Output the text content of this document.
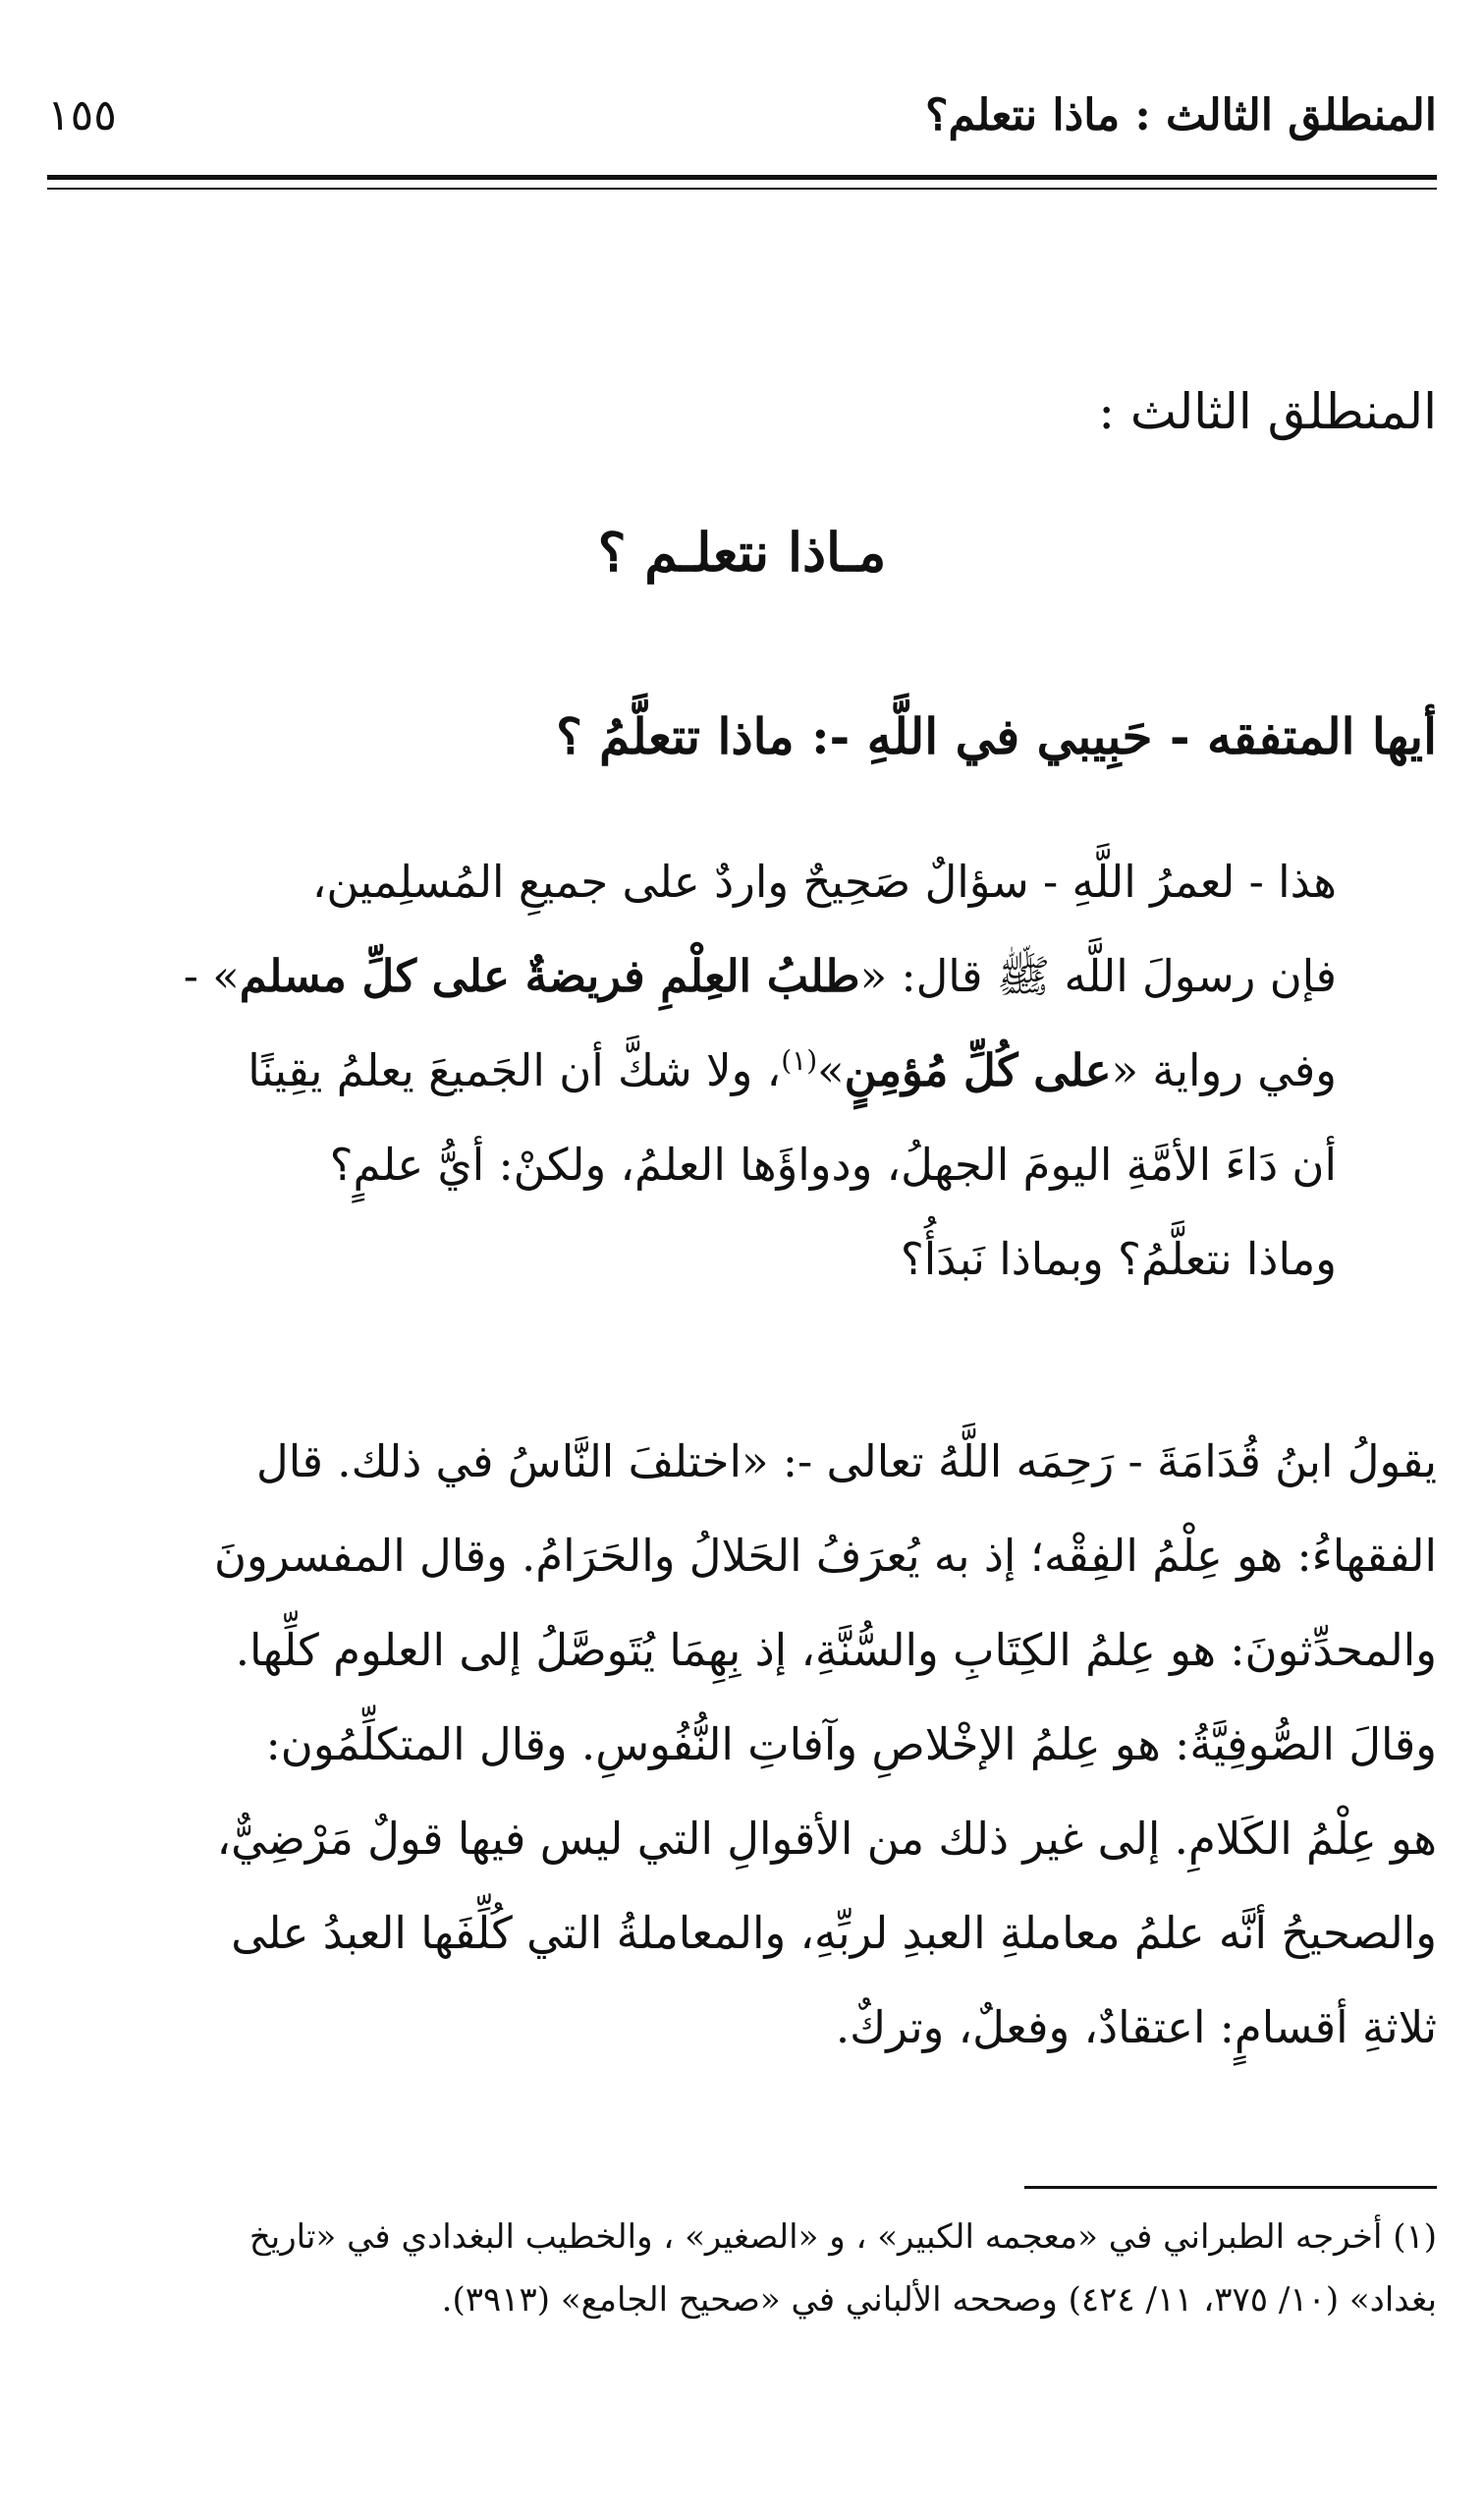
المنطلق الثالث : ماذا نتعلم؟
١٥٥
المنطلق الثالث :
مـاذا نتعلـم ؟
أيها المتفقه - حَبِيبي في اللَّهِ -: ماذا تتعلَّمُ ؟

هذا - لعمرُ اللَّهِ - سؤالٌ صَحِيحٌ واردٌ على جميعِ المُسلِمين،
فإن رسولَ اللَّه ﷺ قال: «طلبُ العِلْمِ فريضةٌ على كلِّ مسلم» -
وفي رواية «على كُلِّ مُؤمِنٍ»$^{(١)}$، ولا شكَّ أن الجَميعَ يعلمُ يقِينًا
أن دَاءَ الأمَّةِ اليومَ الجهلُ، ودواؤَها العلمُ، ولكنْ: أيُّ علمٍ؟
وماذا نتعلَّمُ؟ وبماذا نَبدَأُ؟

يقولُ ابنُ قُدَامَةَ - رَحِمَه اللَّهُ تعالى -: «اختلفَ النَّاسُ في ذلك. قال
الفقهاءُ: هو عِلْمُ الفِقْه؛ إذ به يُعرَفُ الحَلالُ والحَرَامُ. وقال المفسرونَ
والمحدِّثونَ: هو عِلمُ الكِتَابِ والسُّنَّةِ، إذ بِهِمَا يُتَوصَّلُ إلى العلوم كلِّها.
وقالَ الصُّوفِيَّةُ: هو عِلمُ الإخْلاصِ وآفاتِ النُّفُوسِ. وقال المتكلِّمُون:
هو عِلْمُ الكَلامِ. إلى غير ذلك من الأقوالِ التي ليس فيها قولٌ مَرْضِيٌّ،
والصحيحُ أنَّه علمُ معاملةِ العبدِ لربِّهِ، والمعاملةُ التي كُلِّفَها العبدُ على
ثلاثةِ أقسامٍ: اعتقادٌ، وفعلٌ، وتركٌ.

(١) أخرجه الطبراني في «معجمه الكبير» ، و «الصغير» ، والخطيب البغدادي في «تاريخ
بغداد» (١٠/ ٣٧٥، ١١/ ٤٢٤) وصححه الألباني في «صحيح الجامع» (٣٩١٣).
